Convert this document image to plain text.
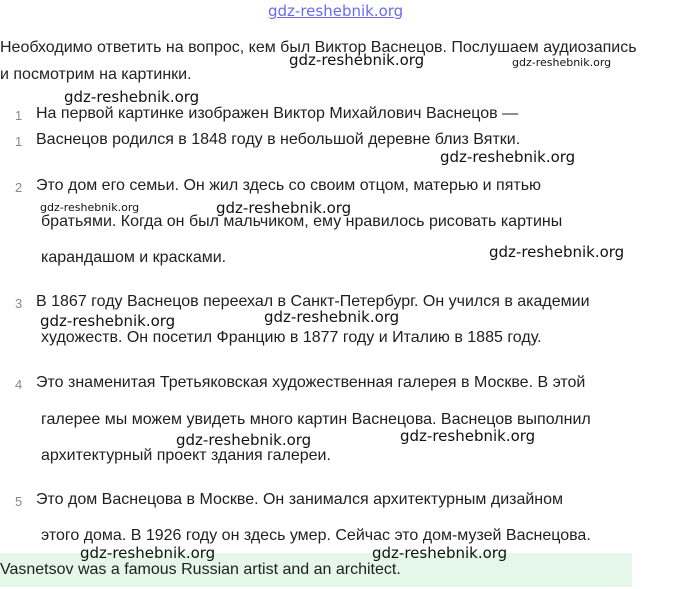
gdz-reshebnik.org
Необходимо ответить на вопрос, кем был Виктор Васнецов. Послушаем аудиозапись и посмотрим на картинки.
1 На первой картинке изображен Виктор Михайлович Васнецов —
1 Васнецов родился в 1848 году в небольшой деревне близ Вятки.
2 Это дом его семьи. Он жил здесь со своим отцом, матерью и пятью
братьями. Когда он был мальчиком, ему нравилось рисовать картины
карандашом и красками.
3 В 1867 году Васнецов переехал в Санкт-Петербург. Он учился в академии
художеств. Он посетил Францию в 1877 году и Италию в 1885 году.
4 Это знаменитая Третьяковская художественная галерея в Москве. В этой
галерее мы можем увидеть много картин Васнецова. Васнецов выполнил
архитектурный проект здания галереи.
5 Это дом Васнецова в Москве. Он занимался архитектурным дизайном
этого дома. В 1926 году он здесь умер. Сейчас это дом-музей Васнецова.
Vasnetsov was a famous Russian artist and an architect.
gdz-reshebnik.org	gdz-reshebnik.org
gdz-reshebnik.org
gdz-reshebnik.org
gdz-reshebnik.org	gdz-reshebnik.org
gdz-reshebnik.org
gdz-reshebnik.org	gdz-reshebnik.org
gdz-reshebnik.org	gdz-reshebnik.org
gdz-reshebnik.org	gdz-reshebnik.org
